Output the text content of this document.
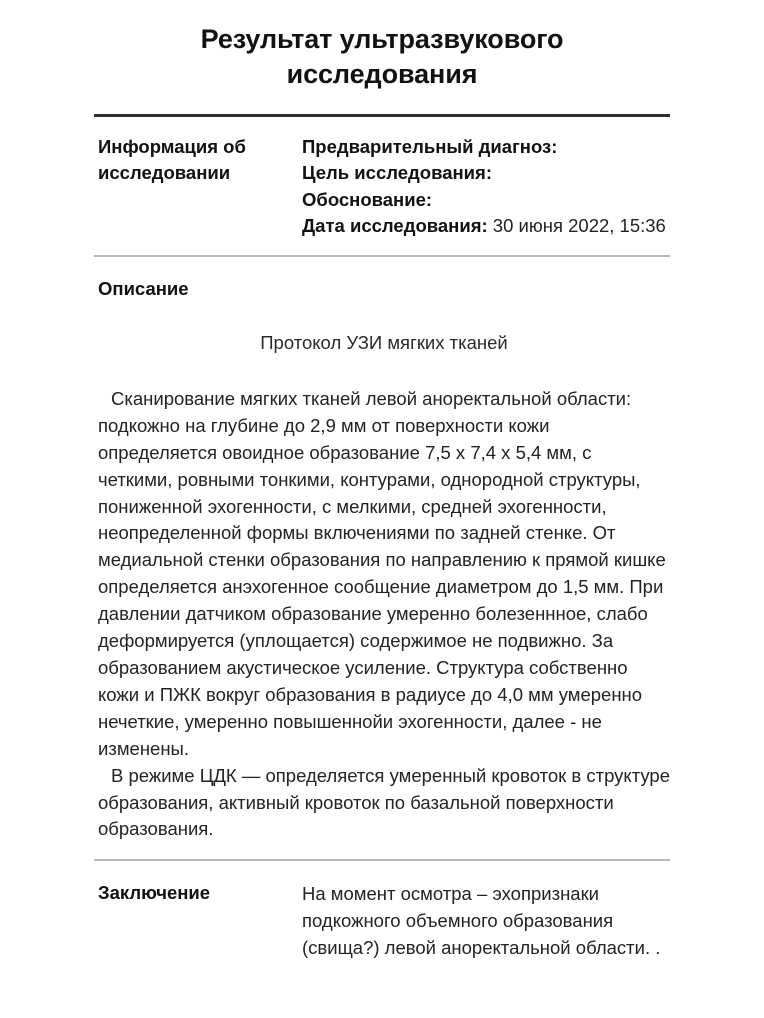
Результат ультразвукового исследования
Информация об исследовании
Предварительный диагноз:
Цель исследования:
Обоснование:
Дата исследования: 30 июня 2022, 15:36
Описание
Протокол УЗИ мягких тканей

Сканирование мягких тканей левой аноректальной области: подкожно на глубине до 2,9 мм от поверхности кожи определяется овоидное образование 7,5 х 7,4 х 5,4 мм, с четкими, ровными тонкими, контурами, однородной структуры, пониженной эхогенности, с мелкими, средней эхогенности, неопределенной формы включениями по задней стенке. От медиальной стенки образования по направлению к прямой кишке определяется анэхогенное сообщение диаметром до 1,5 мм. При давлении датчиком образование умеренно болезеннное, слабо деформируется (уплощается) содержимое не подвижно. За образованием акустическое усиление. Структура собственно кожи и ПЖК вокруг образования в радиусе до 4,0 мм умеренно нечеткие, умеренно повышеннойи эхогенности, далее - не изменены.

В режиме ЦДК — определяется умеренный кровоток в структуре образования, активный кровоток по базальной поверхности образования.

Заключение	На момент осмотра – эхопризнаки подкожного объемного образования (свища?) левой аноректальной области. .
